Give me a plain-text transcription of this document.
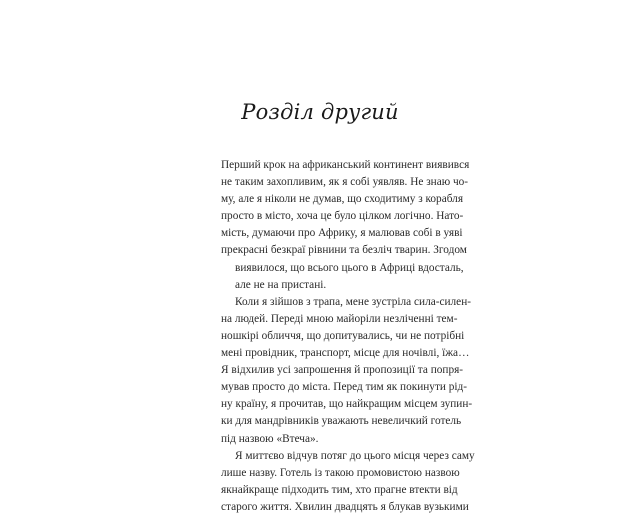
Розділ другий
Перший крок на африканський континент виявився
не таким захопливим, як я собі уявляв. Не знаю чо-
му, але я ніколи не думав, що сходитиму з корабля
просто в місто, хоча це було цілком логічно. Нато-
мість, думаючи про Африку, я малював собі в уяві
прекрасні безкраї рівнини та безліч тварин. Згодом
виявилося, що всього цього в Африці вдосталь,
але не на пристані.
Коли я зійшов з трапа, мене зустріла сила-силен-
на людей. Переді мною майоріли незліченні тем-
ношкірі обличчя, що допитувались, чи не потрібні
мені провідник, транспорт, місце для ночівлі, їжа…
Я відхилив усі запрошення й пропозиції та попря-
мував просто до міста. Перед тим як покинути рід-
ну країну, я прочитав, що найкращим місцем зупин-
ки для мандрівників уважають невеличкий готель
під назвою «Втеча».
Я миттєво відчув потяг до цього місця через саму
лише назву. Готель із такою промовистою назвою
якнайкраще підходить тим, хто прагне втекти від
старого життя. Хвилин двадцять я блукав вузькими
